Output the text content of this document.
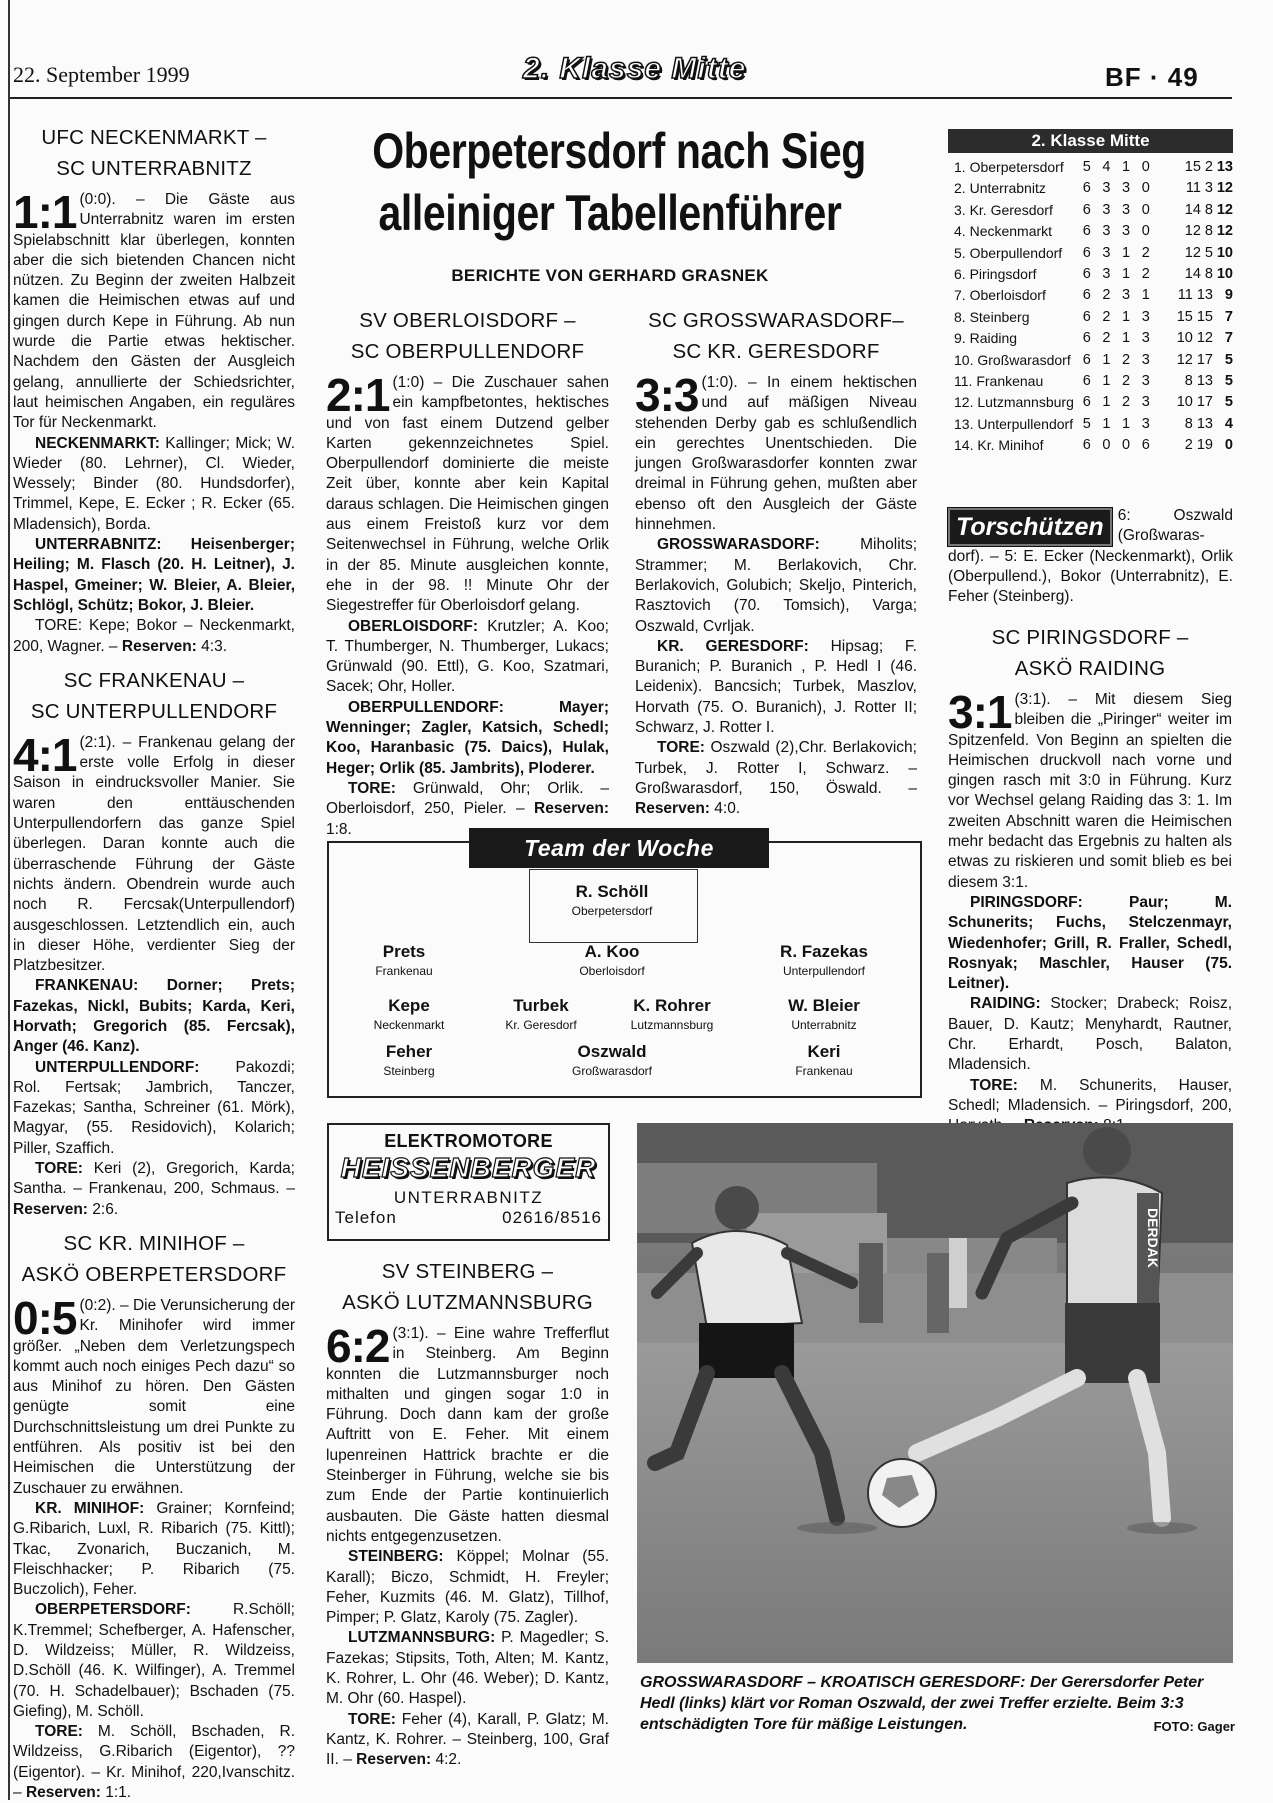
22. September 1999	2. Klasse Mitte	BF · 49
Oberpetersdorf nach Sieg
alleiniger Tabellenführer
BERICHTE VON GERHARD GRASNEK

UFC NECKENMARKT –

SC UNTERRABNITZ

1:1 (0:0). – Die Gäste aus Unterrabnitz waren im ersten Spielabschnitt klar überlegen, konnten aber die sich bietenden Chancen nicht nützen. Zu Beginn der zweiten Halbzeit kamen die Heimischen etwas auf und gingen durch Kepe in Führung. Ab nun wurde die Partie etwas hektischer. Nachdem den Gästen der Ausgleich gelang, annullierte der Schiedsrichter, laut heimischen Angaben, ein reguläres Tor für Neckenmarkt.

NECKENMARKT: Kallinger; Mick; W. Wieder (80. Lehrner), Cl. Wieder, Wessely; Binder (80. Hundsdorfer), Trimmel, Kepe, E. Ecker ; R. Ecker (65. Mladensich), Borda.

UNTERRABNITZ: Heisenberger; Heiling; M. Flasch (20. H. Leitner), J. Haspel, Gmeiner; W. Bleier, A. Bleier, Schlögl, Schütz; Bokor, J. Bleier.

TORE: Kepe; Bokor – Neckenmarkt, 200, Wagner. – Reserven: 4:3.

SC FRANKENAU –

SC UNTERPULLENDORF

4:1 (2:1). – Frankenau gelang der erste volle Erfolg in dieser Saison in eindrucksvoller Manier. Sie waren den enttäuschenden Unterpullendorfern das ganze Spiel überlegen. Daran konnte auch die überraschende Führung der Gäste nichts ändern. Obendrein wurde auch noch R. Fercsak(Unterpullendorf) ausgeschlossen. Letztendlich ein, auch in dieser Höhe, verdienter Sieg der Platzbesitzer.

FRANKENAU: Dorner; Prets; Fazekas, Nickl, Bubits; Karda, Keri, Horvath; Gregorich (85. Fercsak), Anger (46. Kanz).

UNTERPULLENDORF: Pakozdi; Rol. Fertsak; Jambrich, Tanczer, Fazekas; Santha, Schreiner (61. Mörk), Magyar, (55. Residovich), Kolarich; Piller, Szaffich.

TORE: Keri (2), Gregorich, Karda; Santha. – Frankenau, 200, Schmaus. – Reserven: 2:6.

SC KR. MINIHOF –

ASKÖ OBERPETERSDORF

0:5 (0:2). – Die Verunsicherung der Kr. Minihofer wird immer größer. „Neben dem Verletzungspech kommt auch noch einiges Pech dazu“ so aus Minihof zu hören. Den Gästen genügte somit eine Durchschnittsleistung um drei Punkte zu entführen. Als positiv ist bei den Heimischen die Unterstützung der Zuschauer zu erwähnen.

KR. MINIHOF: Grainer; Kornfeind; G.Ribarich, Luxl, R. Ribarich (75. Kittl); Tkac, Zvonarich, Buczanich, M. Fleischhacker; P. Ribarich (75. Buczolich), Feher.

OBERPETERSDORF: R.Schöll; K.Tremmel; Schefberger, A. Hafenscher, D. Wildzeiss; Müller, R. Wildzeiss, D.Schöll (46. K. Wilfinger), A. Tremmel (70. H. Schadelbauer); Bschaden (75. Giefing), M. Schöll.

TORE: M. Schöll, Bschaden, R. Wildzeiss, G.Ribarich (Eigentor), ?? (Eigentor). – Kr. Minihof, 220,Ivanschitz. – Reserven: 1:1.

SV OBERLOISDORF –

SC OBERPULLENDORF

2:1 (1:0) – Die Zuschauer sahen ein kampfbetontes, hektisches und von fast einem Dutzend gelber Karten gekennzeichnetes Spiel. Oberpullendorf dominierte die meiste Zeit über, konnte aber kein Kapital daraus schlagen. Die Heimischen gingen aus einem Freistoß kurz vor dem Seitenwechsel in Führung, welche Orlik in der 85. Minute ausgleichen konnte, ehe in der 98. !! Minute Ohr der Siegestreffer für Oberloisdorf gelang.

OBERLOISDORF: Krutzler; A. Koo; T. Thumberger, N. Thumberger, Lukacs; Grünwald (90. Ettl), G. Koo, Szatmari, Sacek; Ohr, Holler.

OBERPULLENDORF: Mayer; Wenninger; Zagler, Katsich, Schedl; Koo, Haranbasic (75. Daics), Hulak, Heger; Orlik (85. Jambrits), Ploderer.

TORE: Grünwald, Ohr; Orlik. – Oberloisdorf, 250, Pieler. – Reserven: 1:8.

SC GROSSWARASDORF–

SC KR. GERESDORF

3:3 (1:0). – In einem hektischen und auf mäßigen Niveau stehenden Derby gab es schlußendlich ein gerechtes Unentschieden. Die jungen Großwarasdorfer konnten zwar dreimal in Führung gehen, mußten aber ebenso oft den Ausgleich der Gäste hinnehmen.

GROSSWARASDORF: Miholits; Strammer; M. Berlakovich, Chr. Berlakovich, Golubich; Skeljo, Pinterich, Rasztovich (70. Tomsich), Varga; Oszwald, Cvrljak.

KR. GERESDORF: Hipsag; F. Buranich; P. Buranich , P. Hedl I (46. Leidenix). Bancsich; Turbek, Maszlov, Horvath (75. O. Buranich), J. Rotter II; Schwarz, J. Rotter I.

TORE: Oszwald (2),Chr. Berlakovich; Turbek, J. Rotter I, Schwarz. – Großwarasdorf, 150, Öswald. – Reserven: 4:0.

2. Klasse Mitte
1. Oberpetersdorf	5	4	1	0	15 2	13
2. Unterrabnitz	6	3	3	0	11 3	12
3. Kr. Geresdorf	6	3	3	0	14 8	12
4. Neckenmarkt	6	3	3	0	12 8	12
5. Oberpullendorf	6	3	1	2	12 5	10
6. Piringsdorf	6	3	1	2	14 8	10
7. Oberloisdorf	6	2	3	1	11 13	9
8. Steinberg	6	2	1	3	15 15	7
9. Raiding	6	2	1	3	10 12	7
10. Großwarasdorf	6	1	2	3	12 17	5
11. Frankenau	6	1	2	3	8 13	5
12. Lutzmannsburg	6	1	2	3	10 17	5
13. Unterpullendorf	5	1	1	3	8 13	4
14. Kr. Minihof	6	0	0	6	2 19	0
Torschützen 6: Oszwald (Großwaras- dorf). – 5: E. Ecker (Neckenmarkt), Orlik (Oberpullend.), Bokor (Unterrabnitz), E. Feher (Steinberg).

SC PIRINGSDORF –

ASKÖ RAIDING

3:1 (3:1). – Mit diesem Sieg bleiben die „Piringer“ weiter im Spitzenfeld. Von Beginn an spielten die Heimischen druckvoll nach vorne und gingen rasch mit 3:0 in Führung. Kurz vor Wechsel gelang Raiding das 3: 1. Im zweiten Abschnitt waren die Heimischen mehr bedacht das Ergebnis zu halten als etwas zu riskieren und somit blieb es bei diesem 3:1.

PIRINGSDORF: Paur; M. Schunerits; Fuchs, Stelczenmayr, Wiedenhofer; Grill, R. Fraller, Schedl, Rosnyak; Maschler, Hauser (75. Leitner).

RAIDING: Stocker; Drabeck; Roisz, Bauer, D. Kautz; Menyhardt, Rautner, Chr. Erhardt, Posch, Balaton, Mladensich.

TORE: M. Schunerits, Hauser, Schedl; Mladensich. – Piringsdorf, 200,

Team der Woche
R. Schöll
Oberpetersdorf
Prets
Frankenau
A. Koo
Oberloisdorf
R. Fazekas
Unterpullendorf
Kepe
Neckenmarkt
Turbek
Kr. Geresdorf
K. Rohrer
Lutzmannsburg
W. Bleier
Unterrabnitz
Feher
Steinberg
Oszwald
Großwarasdorf
Keri
Frankenau
ELEKTROMOTORE
HEISSENBERGER
UNTERRABNITZ
Telefon	02616/8516

SV STEINBERG –

ASKÖ LUTZMANNSBURG

6:2 (3:1). – Eine wahre Trefferflut in Steinberg. Am Beginn konnten die Lutzmannsburger noch mithalten und gingen sogar 1:0 in Führung. Doch dann kam der große Auftritt von E. Feher. Mit einem lupenreinen Hattrick brachte er die Steinberger in Führung, welche sie bis zum Ende der Partie kontinuierlich ausbauten. Die Gäste hatten diesmal nichts entgegenzusetzen.

STEINBERG: Köppel; Molnar (55. Karall); Biczo, Schmidt, H. Freyler; Feher, Kuzmits (46. M. Glatz), Tillhof, Pimper; P. Glatz, Karoly (75. Zagler).

LUTZMANNSBURG: P. Magedler; S. Fazekas; Stipsits, Toth, Alten; M. Kantz, K. Rohrer, L. Ohr (46. Weber); D. Kantz, M. Ohr (60. Haspel).

TORE: Feher (4), Karall, P. Glatz; M. Kantz, K. Rohrer. – Steinberg, 100, Graf II. – Reserven: 4:2.

DERDAK
GROSSWARASDORF – KROATISCH GERESDORF: Der Gerersdorfer Peter Hedl (links) klärt vor Roman Oszwald, der zwei Treffer erzielte. Beim 3:3 entschädigten Tore für mäßige Leistungen.	FOTO: Gager
